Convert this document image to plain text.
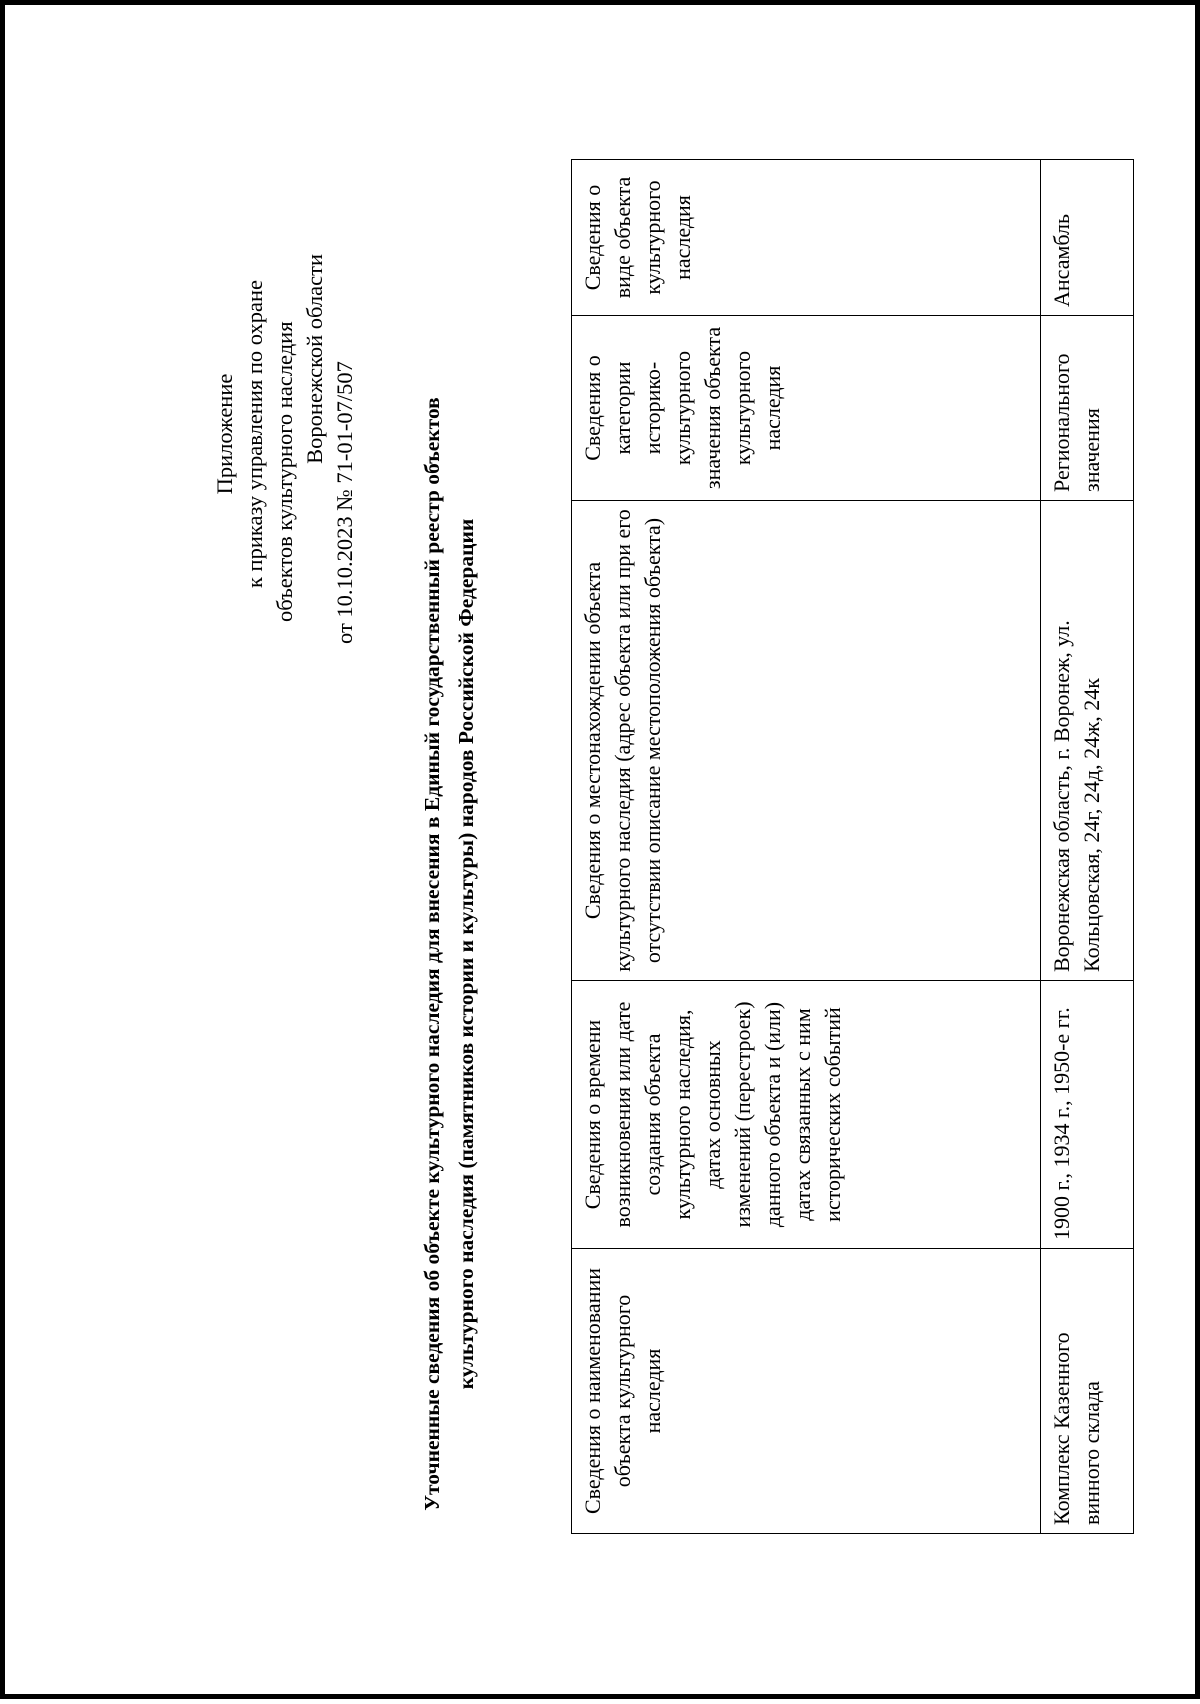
Приложение к приказу управления по охране объектов культурного наследия Воронежской области
от 10.10.2023 № 71-01-07/507	Уточненные сведения об объекте культурного наследия для внесения в Единый государственный реестр объектов культурного наследия (памятников истории и культуры) народов Российской Федерации
Сведения о наименовании объекта культурного наследия	Сведения о времени возникновения или дате создания объекта культурного наследия, датах основных изменений (перестроек) данного объекта и (или) датах связанных с ним исторических событий	Сведения о местонахождении объекта культурного наследия (адрес объекта или при его отсутствии описание местоположения объекта)	Сведения о категории историко-культурного значения объекта культурного наследия	Сведения о виде объекта культурного наследия
Комплекс Казенного винного склада	1900 г., 1934 г., 1950-е гг.	Воронежская область, г. Воронеж, ул. Кольцовская, 24г, 24д, 24ж, 24к	Регионального значения	Ансамбль
